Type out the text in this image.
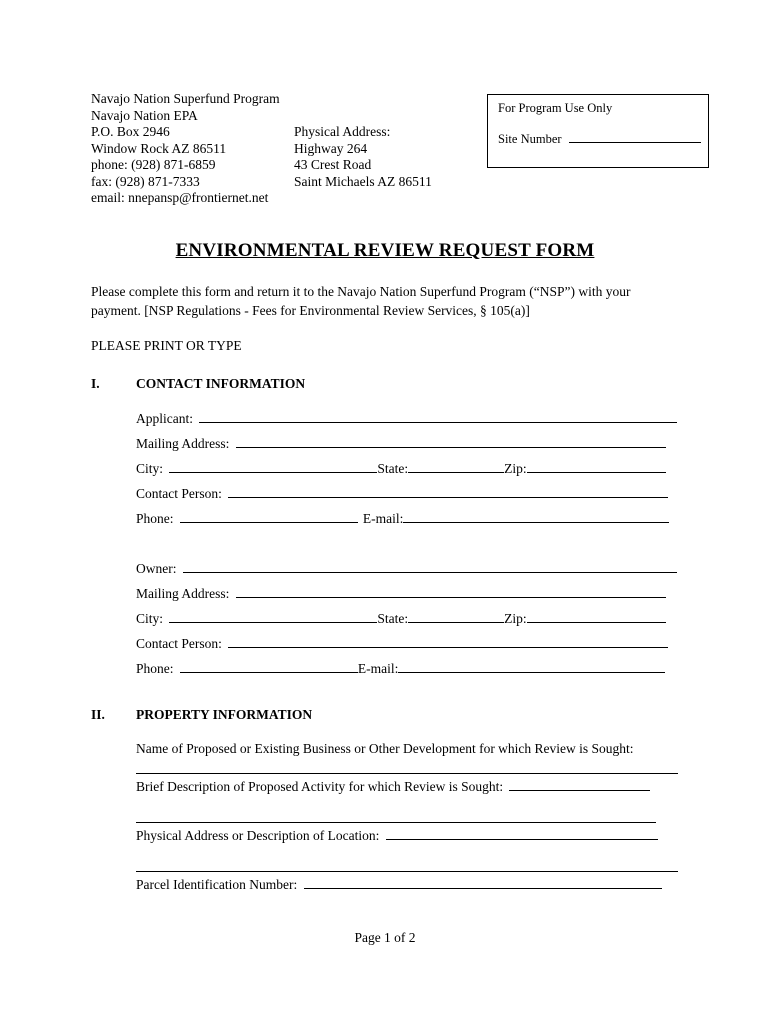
Navajo Nation Superfund Program
Navajo Nation EPA
P.O. Box 2946
Window Rock AZ 86511
phone: (928) 871-6859
fax: (928) 871-7333
email: nnepansp@frontiernet.net
Physical Address:
Highway 264
43 Crest Road
Saint Michaels AZ 86511
For Program Use Only
Site Number
ENVIRONMENTAL REVIEW REQUEST FORM
Please complete this form and return it to the Navajo Nation Superfund Program (“NSP”) with your
payment. [NSP Regulations - Fees for Environmental Review Services, § 105(a)]
PLEASE PRINT OR TYPE
I.	CONTACT INFORMATION
Applicant:
Mailing Address:
City:	State:	Zip:
Contact Person:
Phone:	E-mail:
Owner:
Mailing Address:
City:	State:	Zip:
Contact Person:
Phone:	E-mail:
II. PROPERTY INFORMATION
Name of Proposed or Existing Business or Other Development for which Review is Sought:
Brief Description of Proposed Activity for which Review is Sought:
Physical Address or Description of Location:
Parcel Identification Number:
Page 1 of 2
